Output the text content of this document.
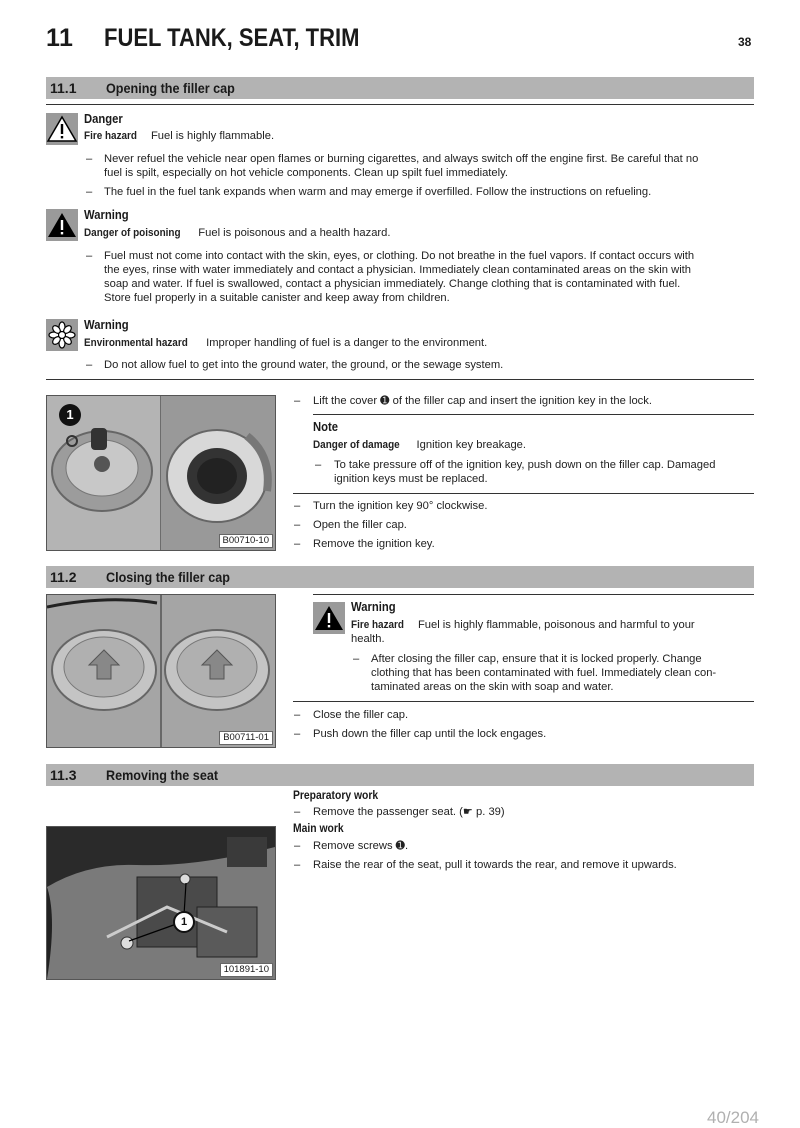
11 FUEL TANK, SEAT, TRIM	38
11.1 Opening the filler cap
Danger
Fire hazard Fuel is highly flammable.
– Never refuel the vehicle near open flames or burning cigarettes, and always switch off the engine first. Be careful that no
fuel is spilt, especially on hot vehicle components. Clean up spilt fuel immediately.
– The fuel in the fuel tank expands when warm and may emerge if overfilled. Follow the instructions on refueling.
Warning
Danger of poisoning Fuel is poisonous and a health hazard.
– Fuel must not come into contact with the skin, eyes, or clothing. Do not breathe in the fuel vapors. If contact occurs with
the eyes, rinse with water immediately and contact a physician. Immediately clean contaminated areas on the skin with
soap and water. If fuel is swallowed, contact a physician immediately. Change clothing that is contaminated with fuel.
Store fuel properly in a suitable canister and keep away from children.
Warning
Environmental hazard Improper handling of fuel is a danger to the environment.
– Do not allow fuel to get into the ground water, the ground, or the sewage system.
1
B00710-10
– Lift the cover ➊ of the filler cap and insert the ignition key in the lock.
Note
Danger of damage Ignition key breakage.
– To take pressure off of the ignition key, push down on the filler cap. Damaged
ignition keys must be replaced.
– Turn the ignition key 90° clockwise.
– Open the filler cap.
– Remove the ignition key.
11.2 Closing the filler cap
B00711-01
Warning
Fire hazard Fuel is highly flammable, poisonous and harmful to your
health.
– After closing the filler cap, ensure that it is locked properly. Change
clothing that has been contaminated with fuel. Immediately clean con-
taminated areas on the skin with soap and water.
– Close the filler cap.
– Push down the filler cap until the lock engages.
11.3 Removing the seat
Preparatory work
– Remove the passenger seat. (☛ p. 39)
Main work
– Remove screws ➊.
– Raise the rear of the seat, pull it towards the rear, and remove it upwards.
1
101891-10
40/204
